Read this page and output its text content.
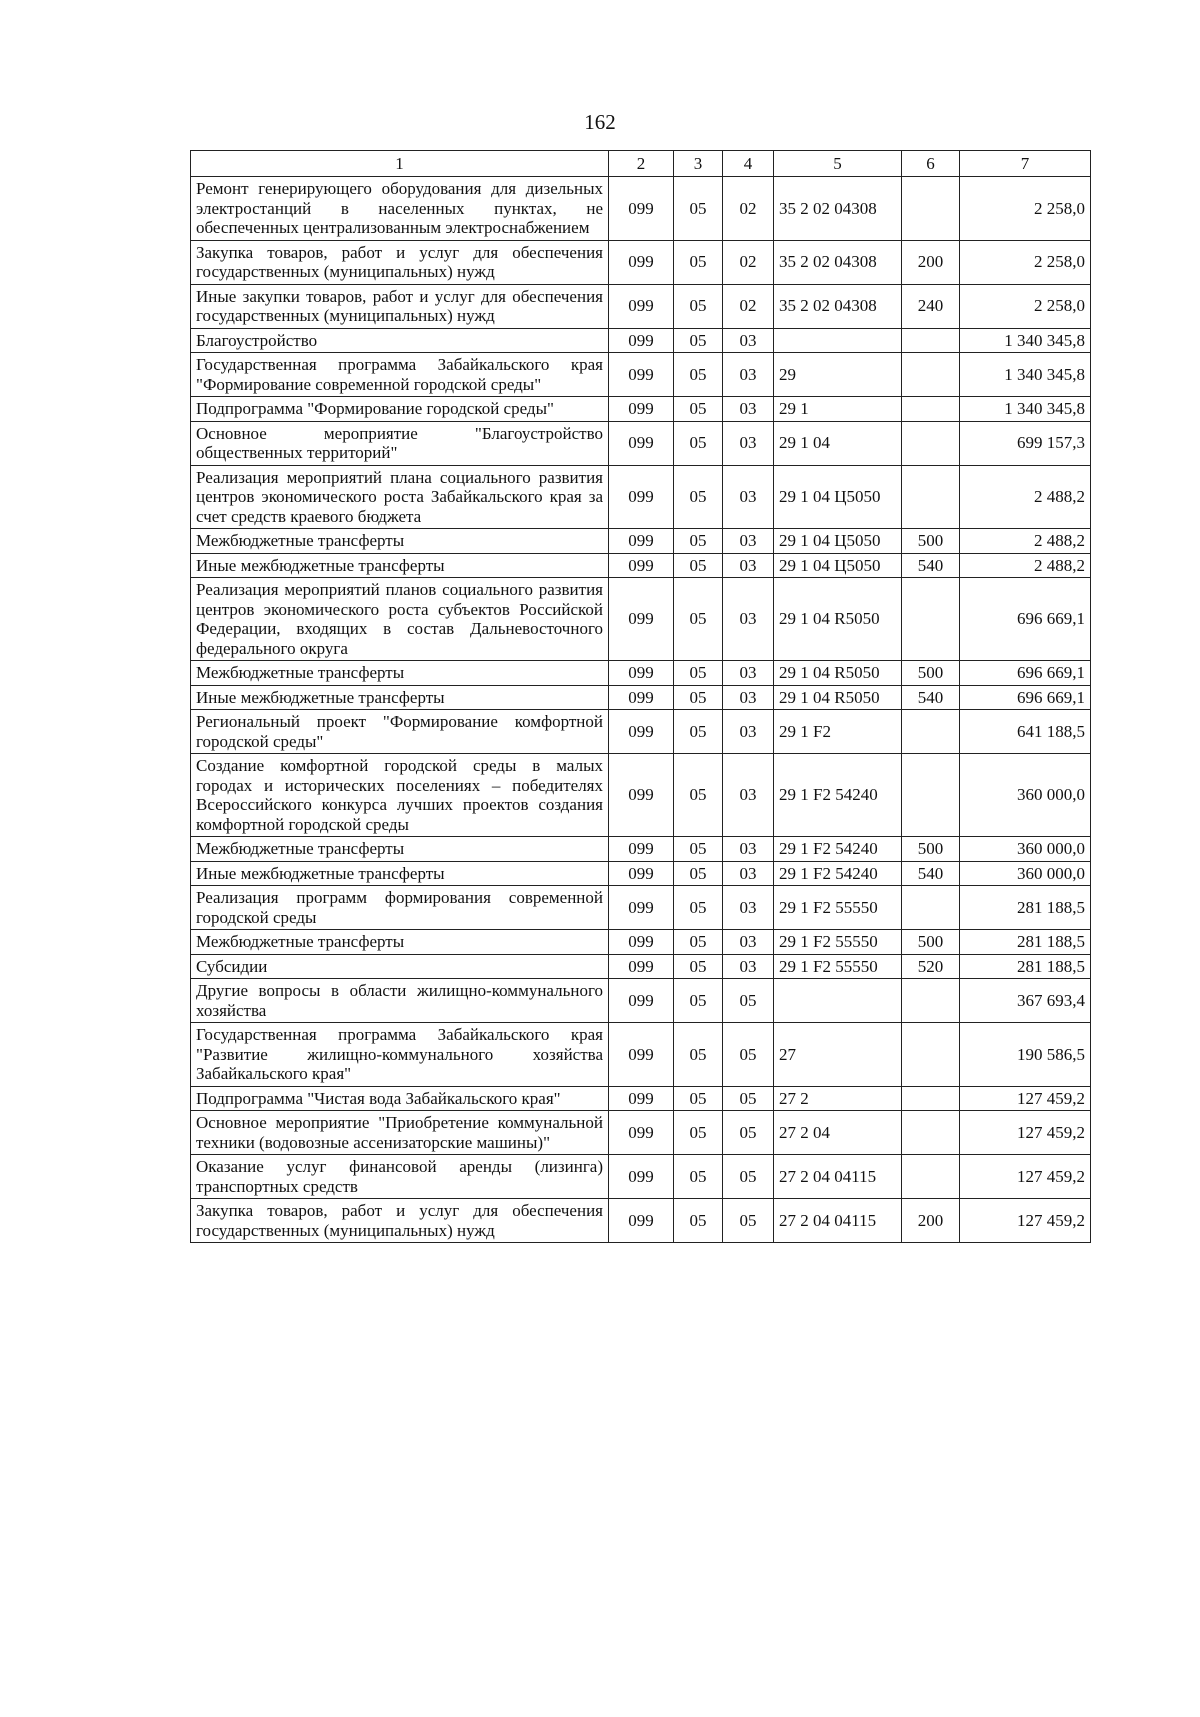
162
1	2	3	4	5	6	7
Ремонт генерирующего оборудования для дизельных электростанций в населенных пунктах, не обеспеченных централизованным электроснабжением	099	05	02	35 2 02 04308		2 258,0
Закупка товаров, работ и услуг для обеспечения государственных (муниципальных) нужд	099	05	02	35 2 02 04308	200	2 258,0
Иные закупки товаров, работ и услуг для обеспечения государственных (муниципальных) нужд	099	05	02	35 2 02 04308	240	2 258,0
Благоустройство	099	05	03			1 340 345,8
Государственная программа Забайкальского края "Формирование современной городской среды"	099	05	03	29		1 340 345,8
Подпрограмма "Формирование городской среды"	099	05	03	29 1		1 340 345,8
Основное мероприятие "Благоустройство общественных территорий"	099	05	03	29 1 04		699 157,3
Реализация мероприятий плана социального развития центров экономического роста Забайкальского края за счет средств краевого бюджета	099	05	03	29 1 04 Ц5050		2 488,2
Межбюджетные трансферты	099	05	03	29 1 04 Ц5050	500	2 488,2
Иные межбюджетные трансферты	099	05	03	29 1 04 Ц5050	540	2 488,2
Реализация мероприятий планов социального развития центров экономического роста субъектов Российской Федерации, входящих в состав Дальневосточного федерального округа	099	05	03	29 1 04 R5050		696 669,1
Межбюджетные трансферты	099	05	03	29 1 04 R5050	500	696 669,1
Иные межбюджетные трансферты	099	05	03	29 1 04 R5050	540	696 669,1
Региональный проект "Формирование комфортной городской среды"	099	05	03	29 1 F2		641 188,5
Создание комфортной городской среды в малых городах и исторических поселениях – победителях Всероссийского конкурса лучших проектов создания комфортной городской среды	099	05	03	29 1 F2 54240		360 000,0
Межбюджетные трансферты	099	05	03	29 1 F2 54240	500	360 000,0
Иные межбюджетные трансферты	099	05	03	29 1 F2 54240	540	360 000,0
Реализация программ формирования современной городской среды	099	05	03	29 1 F2 55550		281 188,5
Межбюджетные трансферты	099	05	03	29 1 F2 55550	500	281 188,5
Субсидии	099	05	03	29 1 F2 55550	520	281 188,5
Другие вопросы в области жилищно-коммунального хозяйства	099	05	05			367 693,4
Государственная программа Забайкальского края "Развитие жилищно-коммунального хозяйства Забайкальского края"	099	05	05	27		190 586,5
Подпрограмма "Чистая вода Забайкальского края"	099	05	05	27 2		127 459,2
Основное мероприятие "Приобретение коммунальной техники (водовозные ассенизаторские машины)"	099	05	05	27 2 04		127 459,2
Оказание услуг финансовой аренды (лизинга) транспортных средств	099	05	05	27 2 04 04115		127 459,2
Закупка товаров, работ и услуг для обеспечения государственных (муниципальных) нужд	099	05	05	27 2 04 04115	200	127 459,2
